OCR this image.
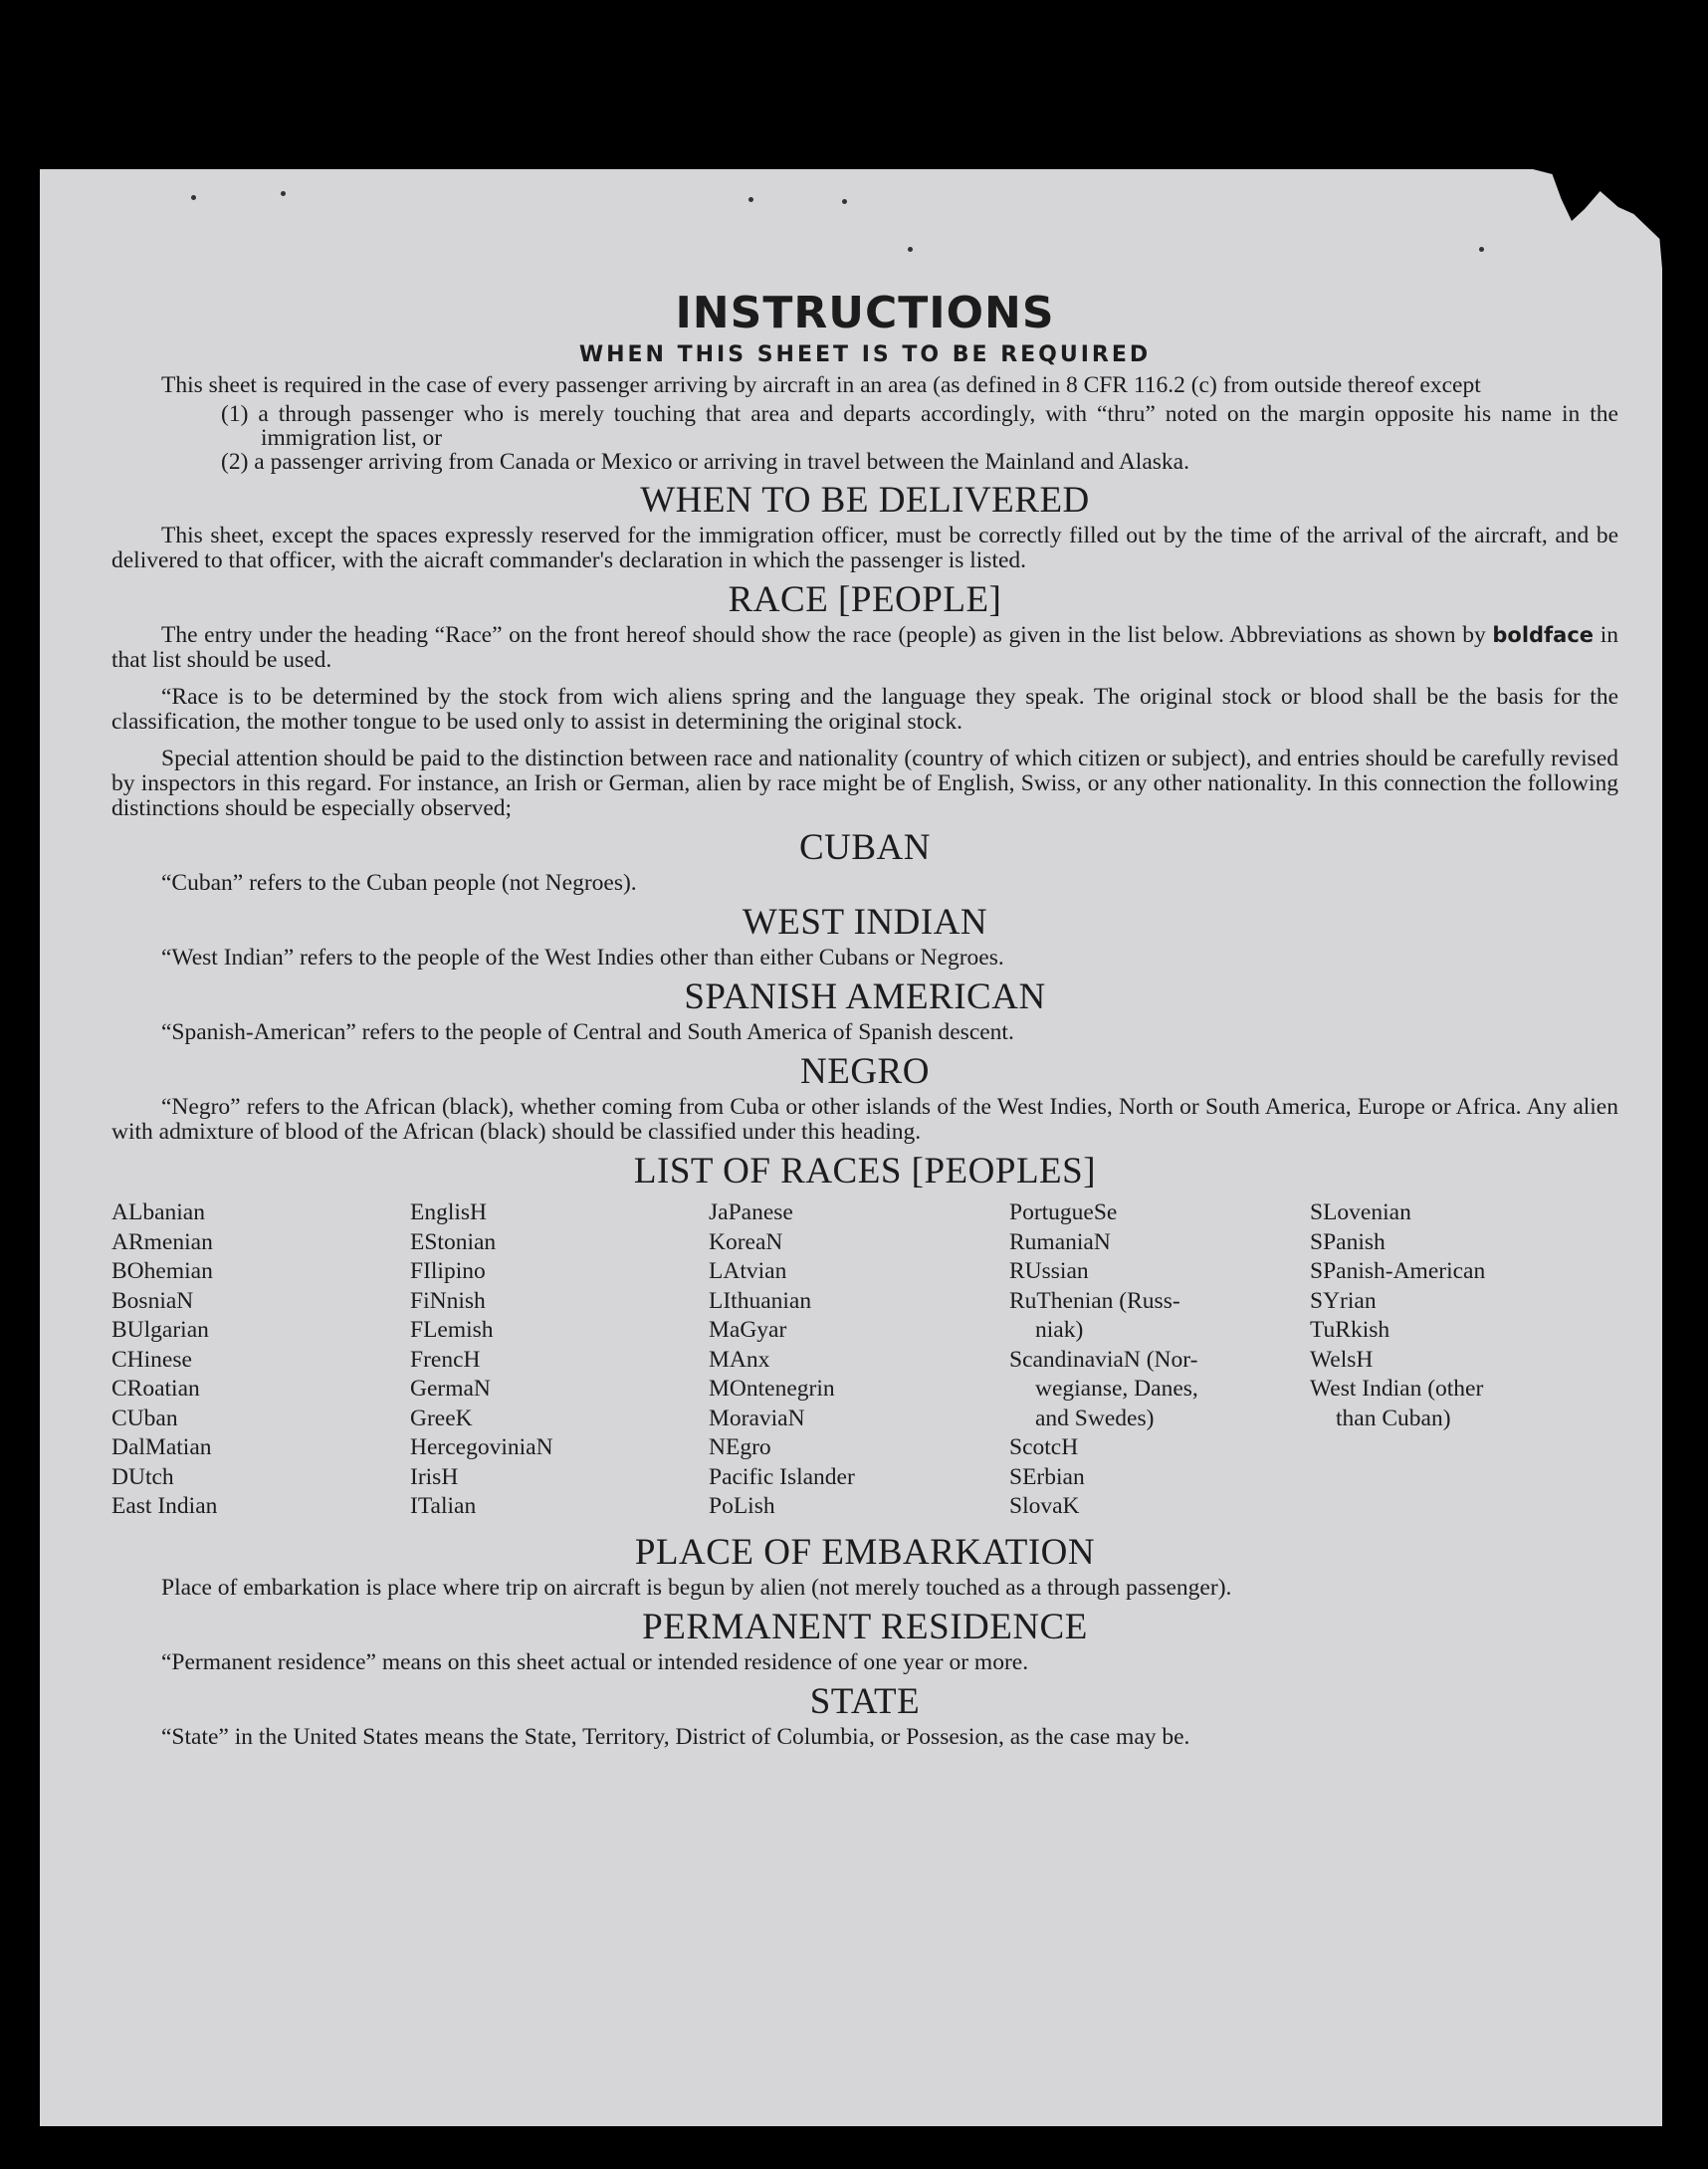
INSTRUCTIONS
WHEN THIS SHEET IS TO BE REQUIRED

This sheet is required in the case of every passenger arriving by aircraft in an area (as defined in 8 CFR 116.2 (c) from outside thereof except

(1) a through passenger who is merely touching that area and departs accordingly, with “thru” noted on the margin opposite his name in the immigration list, or
(2) a passenger arriving from Canada or Mexico or arriving in travel between the Mainland and Alaska.
WHEN TO BE DELIVERED

This sheet, except the spaces expressly reserved for the immigration officer, must be correctly filled out by the time of the arrival of the aircraft, and be delivered to that officer, with the aicraft commander's declaration in which the passenger is listed.

RACE [PEOPLE]

The entry under the heading “Race” on the front hereof should show the race (people) as given in the list below. Abbreviations as shown by boldface in that list should be used.

“Race is to be determined by the stock from wich aliens spring and the language they speak. The original stock or blood shall be the basis for the classification, the mother tongue to be used only to assist in determining the original stock.

Special attention should be paid to the distinction between race and nationality (country of which citizen or subject), and entries should be carefully revised by inspectors in this regard. For instance, an Irish or German, alien by race might be of English, Swiss, or any other nationality. In this connection the following distinctions should be especially observed;

CUBAN

“Cuban” refers to the Cuban people (not Negroes).

WEST INDIAN

“West Indian” refers to the people of the West Indies other than either Cubans or Negroes.

SPANISH AMERICAN

“Spanish-American” refers to the people of Central and South America of Spanish descent.

NEGRO

“Negro” refers to the African (black), whether coming from Cuba or other islands of the West Indies, North or South America, Europe or Africa. Any alien with admixture of blood of the African (black) should be classified under this heading.

LIST OF RACES [PEOPLES]
ALbanian
ARmenian
BOhemian
BosniaN
BUlgarian
CHinese
CRoatian
CUban
DalMatian
DUtch
East Indian
EnglisH
EStonian
FIlipino
FiNnish
FLemish
FrencH
GermaN
GreeK
HercegoviniaN
IrisH
ITalian
JaPanese
KoreaN
LAtvian
LIthuanian
MaGyar
MAnx
MOntenegrin
MoraviaN
NEgro
Pacific Islander
PoLish
PortugueSe
RumaniaN
RUssian
RuThenian (Russ-
niak)
ScandinaviaN (Nor-
wegianse, Danes,
and Swedes)
ScotcH
SErbian
SlovaK
SLovenian
SPanish
SPanish-American
SYrian
TuRkish
WelsH
West Indian (other
than Cuban)
PLACE OF EMBARKATION

Place of embarkation is place where trip on aircraft is begun by alien (not merely touched as a through passenger).

PERMANENT RESIDENCE

“Permanent residence” means on this sheet actual or intended residence of one year or more.

STATE

“State” in the United States means the State, Territory, District of Columbia, or Possesion, as the case may be.
